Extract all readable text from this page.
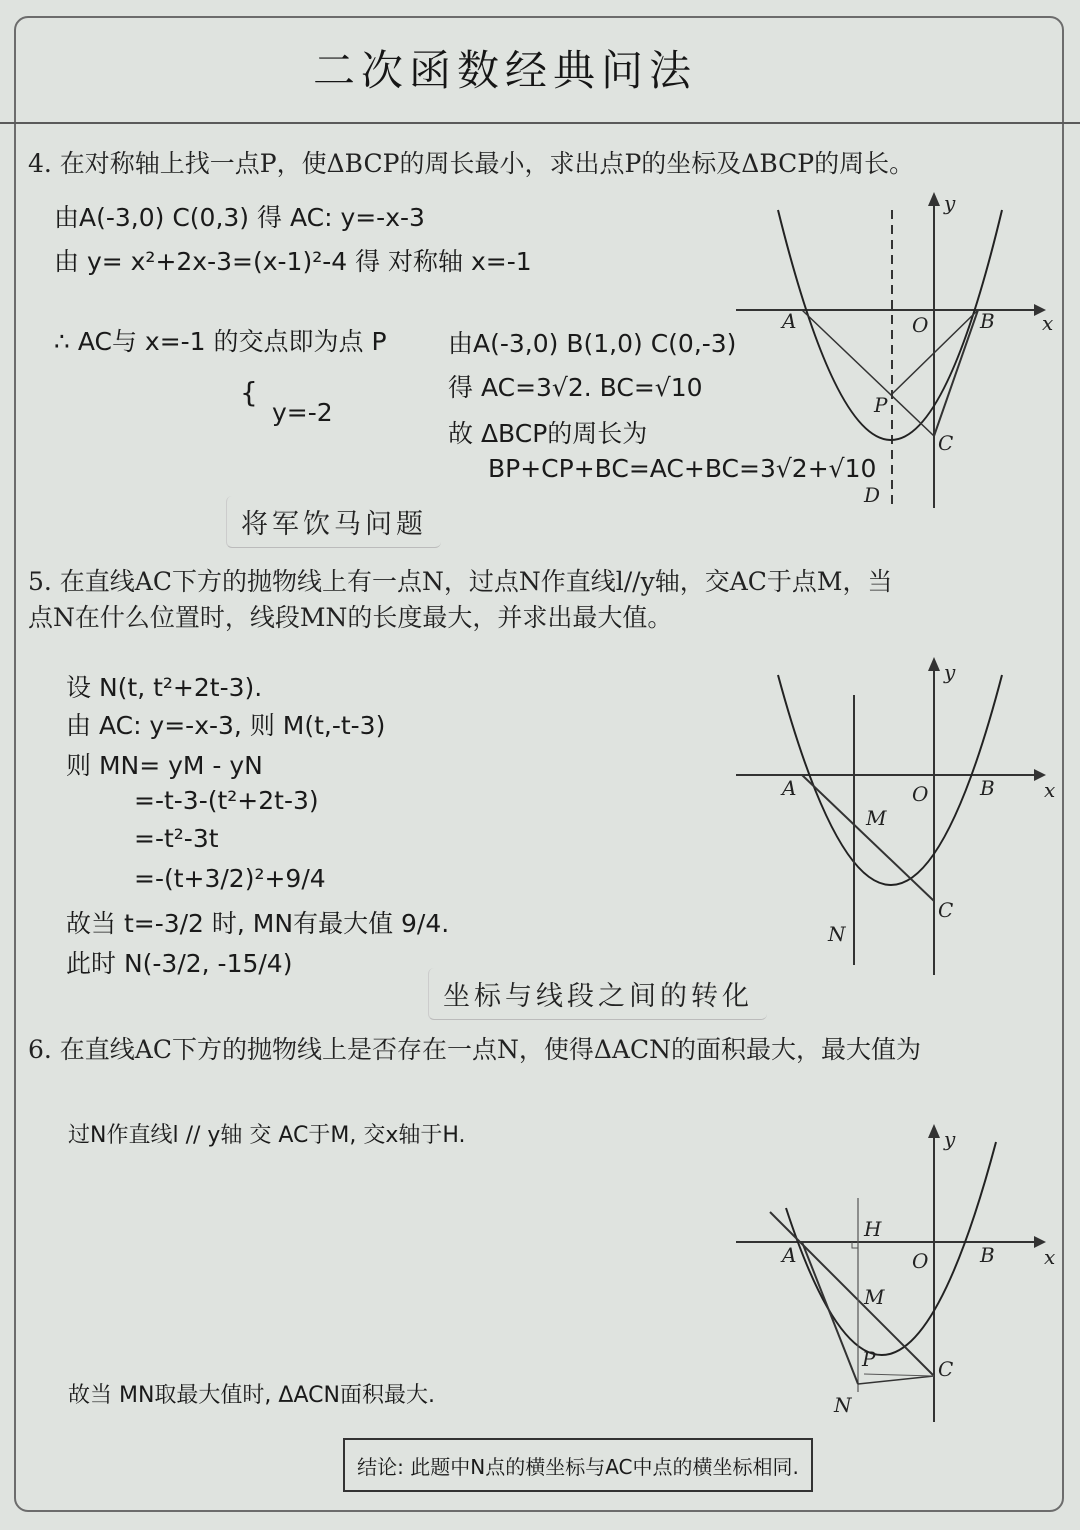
二次函数经典问法
4. 在对称轴上找一点P，使ΔBCP的周长最小，求出点P的坐标及ΔBCP的周长。
由A(-3,0) C(0,3) 得 AC: y=-x-3
由 y= x²+2x-3=(x-1)²-4 得 对称轴 x=-1
∴ AC与 x=-1 的交点即为点 P
{
y=-2
由A(-3,0) B(1,0) C(0,-3)
得 AC=3√2. BC=√10
故 ΔBCP的周长为
BP+CP+BC=AC+BC=3√2+√10
将军饮马问题
A	O	B x
y
P
C
D
5. 在直线AC下方的抛物线上有一点N，过点N作直线l//y轴，交AC于点M，当
点N在什么位置时，线段MN的长度最大，并求出最大值。
设 N(t, t²+2t-3).
由 AC: y=-x-3, 则 M(t,-t-3)
则 MN= yM - yN
=-t-3-(t²+2t-3)
=-t²-3t
=-(t+3/2)²+9/4
故当 t=-3/2 时, MN有最大值 9/4.
此时 N(-3/2, -15/4)
坐标与线段之间的转化
A	O	B x
y
M
C
N
6. 在直线AC下方的抛物线上是否存在一点N，使得ΔACN的面积最大，最大值为
过N作直线l // y轴 交 AC于M, 交x轴于H.
故当 MN取最大值时, ΔACN面积最大.
A	O	B x
y
H
M
P	C
N
结论: 此题中N点的横坐标与AC中点的横坐标相同.
